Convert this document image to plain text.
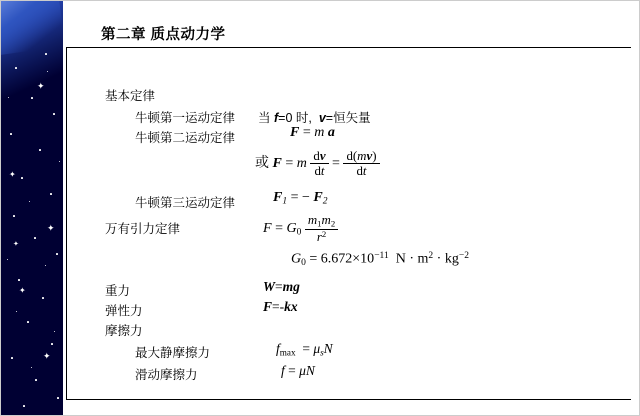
✦
✦
✦
✦
✦
✦
第二章 质点动力学
基本定律
牛顿第一运动定律 当 f=0 时,  v=恒矢量
牛顿第二运动定律	F = m a
或 F = m $\frac{dv}{dt} = \frac{d(mv)}{dt}$
牛顿第三运动定律	$F_1$ = − $F_2$
万有引力定律	$F = G_0 \frac{m_1m_2}{r^2}$
$G_0 = 6.672\times 10^{-11}$  $N \cdot m^2 \cdot kg^{-2}$
重力	W=mg
弹性力	F=-kx
摩擦力
最大静摩擦力	$f_{max} = \mu_sN$
滑动摩擦力	f = μN
